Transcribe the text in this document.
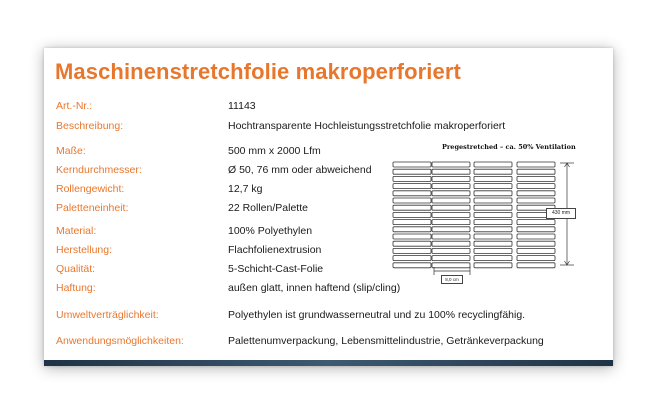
Maschinenstretchfolie makroperforiert
Art.-Nr.:	11143
Beschreibung:	Hochtransparente Hochleistungsstretchfolie makroperforiert
Maße:	500 mm x 2000 Lfm
Kerndurchmesser:	Ø 50, 76 mm oder abweichend
Rollengewicht:	12,7 kg
Paletteneinheit:	22 Rollen/Palette
Material:	100% Polyethylen
Herstellung:	Flachfolienextrusion
Qualität:	5-Schicht-Cast-Folie
Haftung:	außen glatt, innen haftend (slip/cling)
Umweltverträglichkeit:	Polyethylen ist grundwasserneutral und zu 100% recyclingfähig.
Anwendungsmöglichkeiten:	Palettenumverpackung, Lebensmittelindustrie, Getränkeverpackung
Pregestretched – ca. 50% Ventilation
430 mm
8,0 cm
